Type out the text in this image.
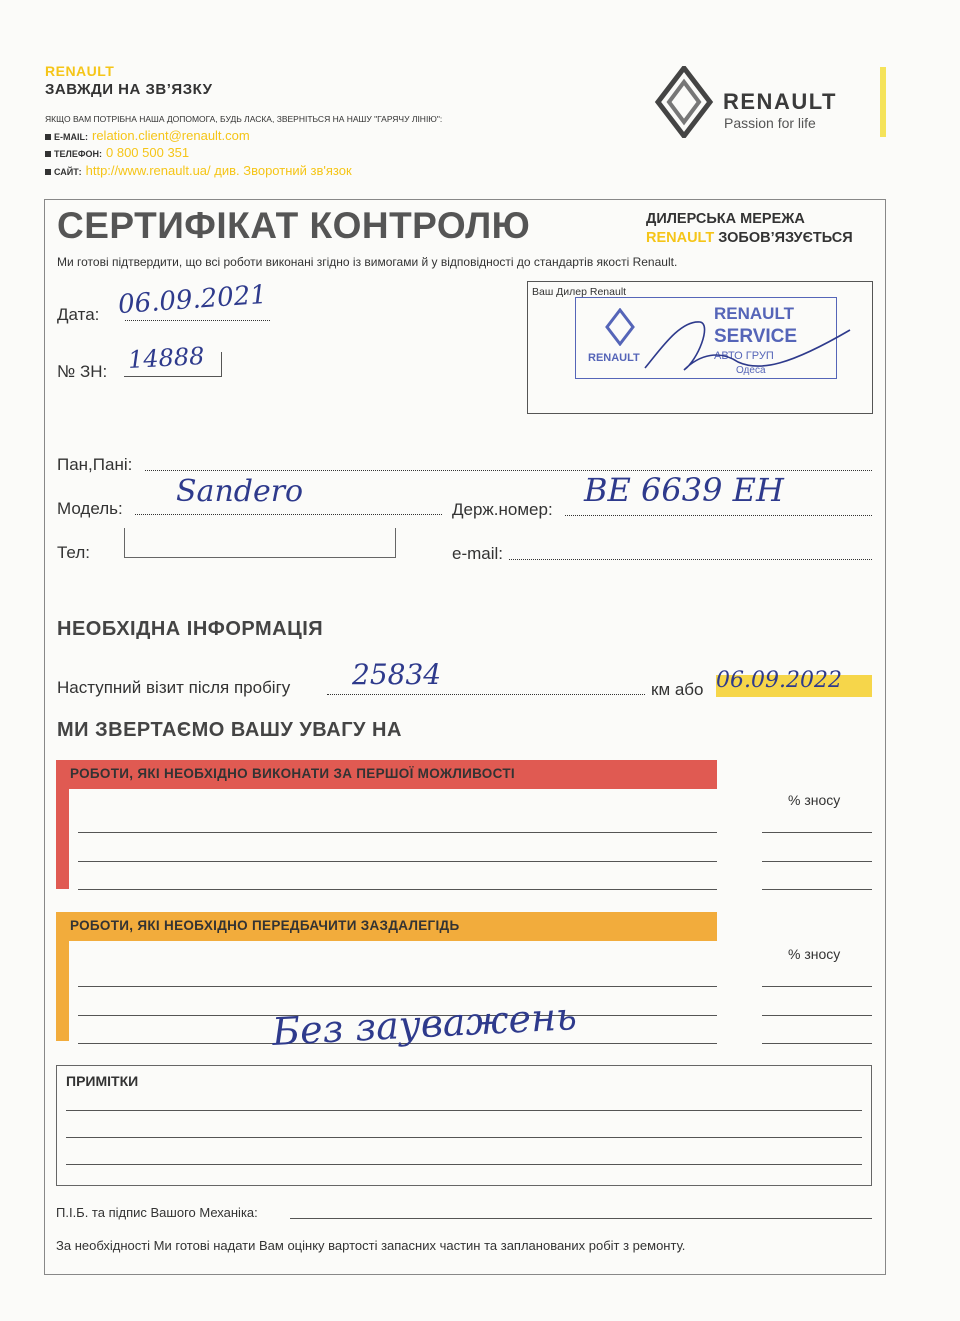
RENAULT
ЗАВЖДИ НА ЗВ’ЯЗКУ
ЯКЩО ВАМ ПОТРІБНА НАША ДОПОМОГА, БУДЬ ЛАСКА, ЗВЕРНІТЬСЯ НА НАШУ "ГАРЯЧУ ЛІНІЮ":
E-MAIL: relation.client@renault.com
ТЕЛЕФОН: 0 800 500 351
САЙТ: http://www.renault.ua/ див. Зворотний зв'язок
RENAULT
Passion for life
СЕРТИФІКАТ КОНТРОЛЮ
Ми готові підтвердити, що всі роботи виконані згідно із вимогами й у відповідності до стандартів якості Renault.
ДИЛЕРСЬКА МЕРЕЖА
RENAULT ЗОБОВ’ЯЗУЄТЬСЯ
Дата: 06.09.2021
№ ЗН: 14888
Ваш Дилер Renault
RENAULT
RENAULT
SERVICE
АВТО ГРУП
Одеса
Пан,Пані:
Модель: Sandero
Держ.номер:
ВЕ 6639 ЕН
Тел:	e-mail:
НЕОБХІДНА ІНФОРМАЦІЯ
Наступний візит після пробігу 25834	км або 06.09.2022
МИ ЗВЕРТАЄМО ВАШУ УВАГУ НА
РОБОТИ, ЯКІ НЕОБХІДНО ВИКОНАТИ ЗА ПЕРШОЇ МОЖЛИВОСТІ
% зносу
РОБОТИ, ЯКІ НЕОБХІДНО ПЕРЕДБАЧИТИ ЗАЗДАЛЕГІДЬ
% зносу
Без зауважень
ПРИМІТКИ
П.І.Б. та підпис Вашого Механіка:
За необхідності Ми готові надати Вам оцінку вартості запасних частин та запланованих робіт з ремонту.
